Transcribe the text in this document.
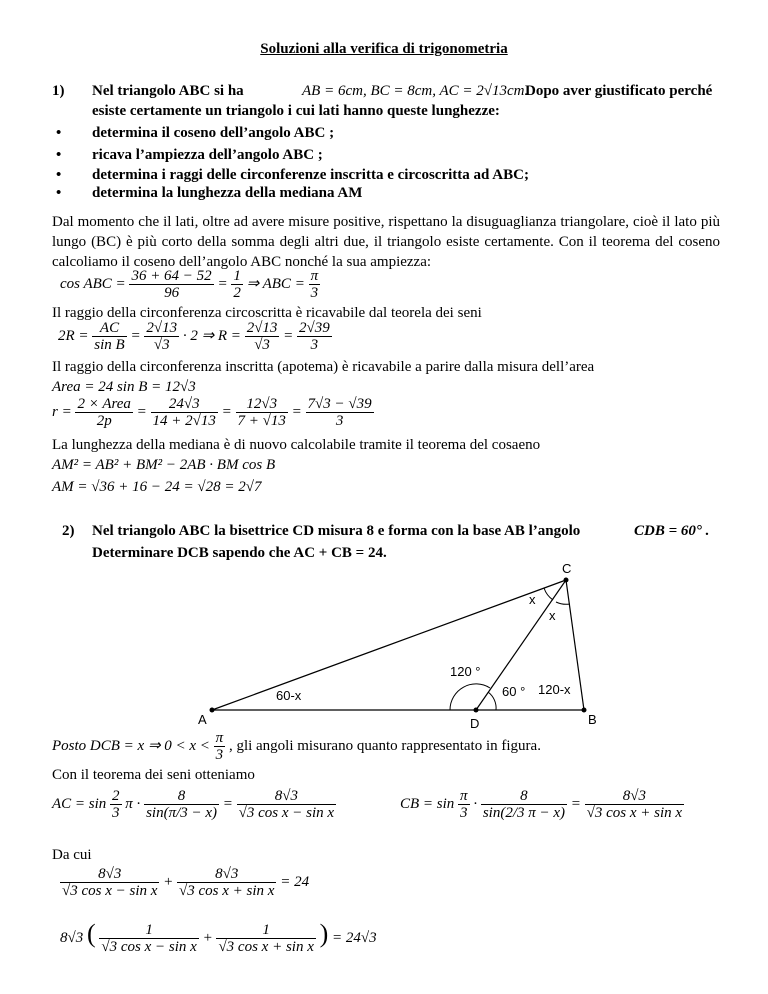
Soluzioni alla verifica di trigonometria
1) Nel triangolo ABC si ha	AB = 6cm, BC = 8cm, AC = 2√13cm.
Dopo aver giustificato perché
esiste certamente un triangolo i cui lati hanno queste lunghezze:
• determina il coseno dell’angolo ABC ;
• ricava l’ampiezza dell’angolo ABC ;
• determina i raggi delle circonferenze inscritta e circoscritta ad ABC;
• determina la lunghezza della mediana AM
Dal momento che il lati, oltre ad avere misure positive, rispettano la disuguaglianza triangolare, cioè il lato più lungo (BC) è più corto della somma degli altri due, il triangolo esiste certamente. Con il teorema del coseno calcoliamo il coseno dell’angolo ABC nonché la sua ampiezza:
cos ABC = $\frac{36 + 64 - 52}{96} = \frac{1}{2}$ ⇒ ABC = $\frac{\pi}{3}$
Il raggio della circonferenza circoscritta è ricavabile dal teorela dei seni
$2R = \frac{AC}{\text{sin B}} = \frac{2√13}{√3} \cdot 2$ ⇒ $R = \frac{2√13}{√3} = \frac{2√39}{3}$
Il raggio della circonferenza inscritta (apotema) è ricavabile a parire dalla misura dell’area
Area = 24 sin B = 12√3
$r = \frac{\text{2 × Area}}{2p} = \frac{24√3}{14 + 2√13} = \frac{12√3}{7 + √13} = \frac{7√3 - √39}{3}$
La lunghezza della mediana è di nuovo calcolabile tramite il teorema del cosaeno
AM² = AB² + BM² − 2AB · BM cos B
AM = √36 + 16 − 24 = √28 = 2√7
2) Nel triangolo ABC la bisettrice CD misura 8 e forma con la base AB l’angolo	CDB = 60° .
Determinare DCB sapendo che AC + CB = 24.
C
x
x
120 °
60-x	60 ° 120-x
A	D	B
Posto DCB = x ⇒ $0 < x < \frac{\pi}{3}$ , gli angoli misurano quanto rappresentato in figura.
Con il teorema dei seni otteniamo
AC = $\sin \frac{2}{3}$ $\pi \cdot \frac{8}{\sin(\pi/3 - x)} = \frac{8√3}{\text{√3 cos x − sin x}}$	CB = $\sin \frac{\pi}{3} \cdot \frac{8}{\sin(2/3 \pi - x)} = \frac{8√3}{\text{√3 cos x + sin x}}$
Da cui
$\frac{8√3}{\text{√3 cos x − sin x}} + \frac{8√3}{\text{√3 cos x + sin x}} = 24$
8√3 ( $\frac{1}{\text{√3 cos x − sin x}} + \frac{1}{\text{√3 cos x + sin x}}$ ) = 24√3
